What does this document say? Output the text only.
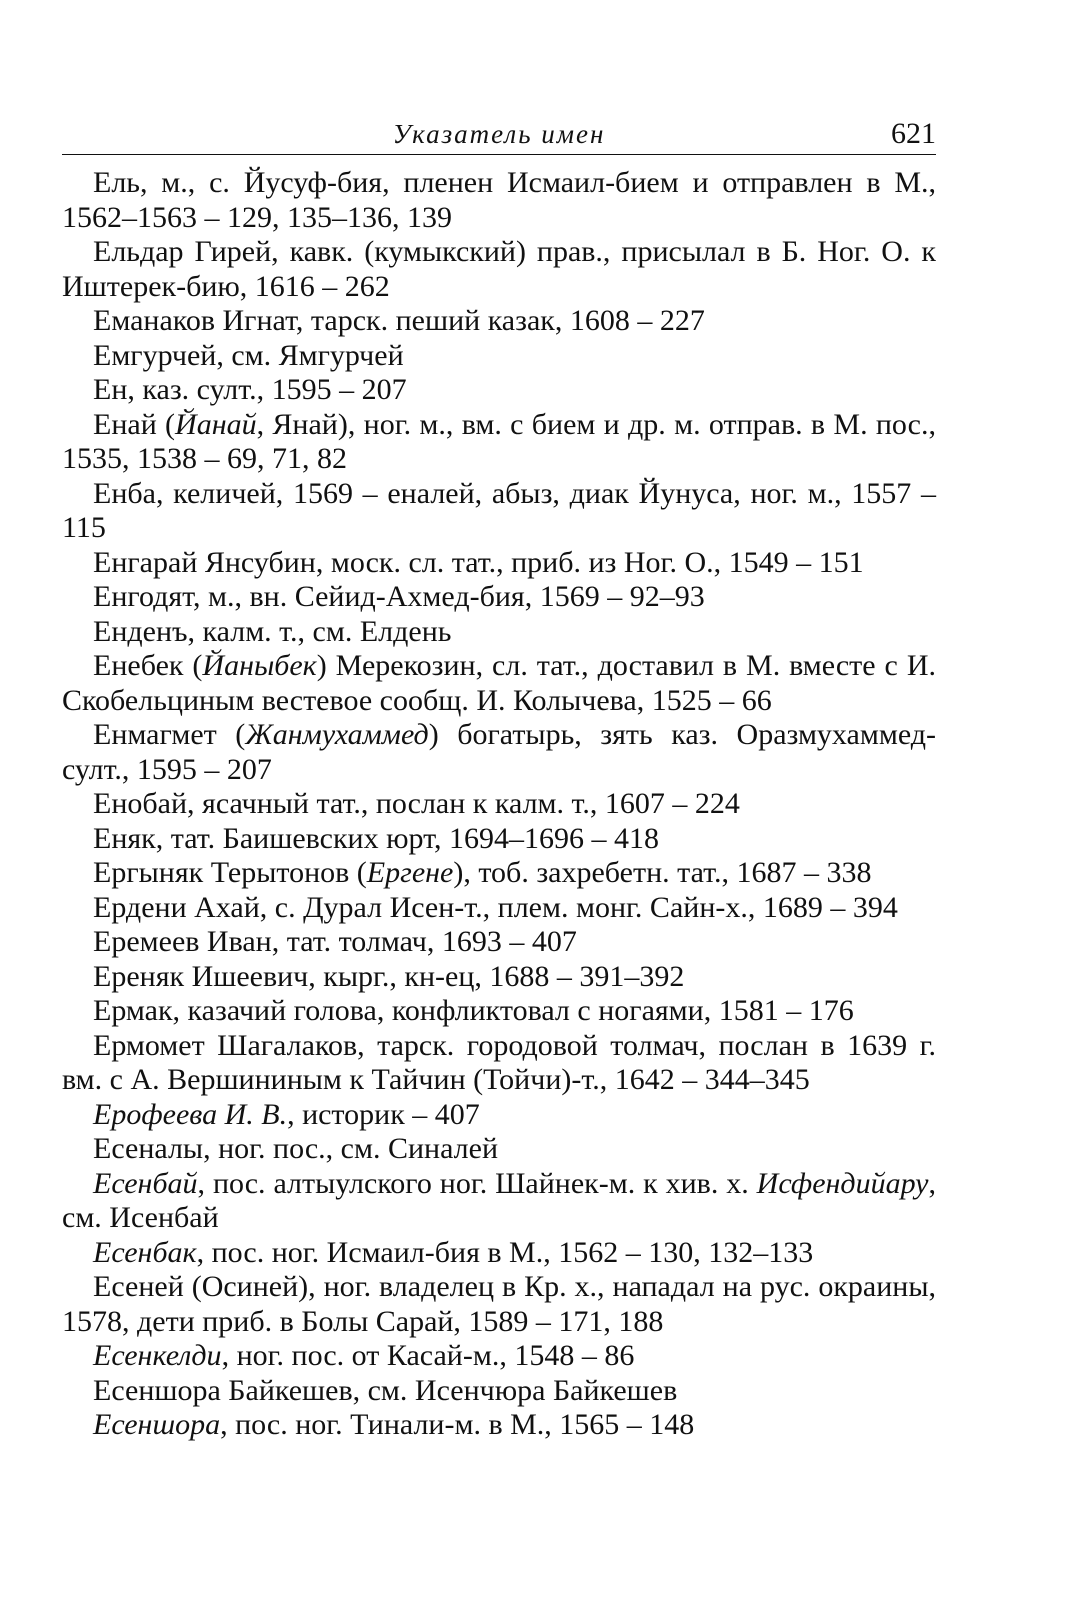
Указатель имен	621

Ель, м., с. Йусуф-бия, пленен Исмаил-бием и отправлен в М., 1562–1563 – 129, 135–136, 139

Ельдар Гирей, кавк. (кумыкский) прав., присылал в Б. Ног. О. к Иштерек-бию, 1616 – 262

Еманаков Игнат, тарск. пеший казак, 1608 – 227

Емгурчей, см. Ямгурчей

Ен, каз. султ., 1595 – 207

Енай (Йанай, Янай), ног. м., вм. с бием и др. м. отправ. в М. пос., 1535, 1538 – 69, 71, 82

Енба, келичей, 1569 – еналей, абыз, диак Йунуса, ног. м., 1557 – 115

Енгарай Янсубин, моск. сл. тат., приб. из Ног. О., 1549 – 151

Енгодят, м., вн. Сейид-Ахмед-бия, 1569 – 92–93

Енденъ, калм. т., см. Елдень

Енебек (Йаныбек) Мерекозин, сл. тат., доставил в М. вместе с И. Скобельциным вестевое сообщ. И. Колычева, 1525 – 66

Енмагмет (Жанмухаммед) богатырь, зять каз. Оразмухаммед-султ., 1595 – 207

Енобай, ясачный тат., послан к калм. т., 1607 – 224

Еняк, тат. Баишевских юрт, 1694–1696 – 418

Ергыняк Терытонов (Ергене), тоб. захребетн. тат., 1687 – 338

Ердени Ахай, с. Дурал Исен-т., плем. монг. Сайн-х., 1689 – 394

Еремеев Иван, тат. толмач, 1693 – 407

Ереняк Ишеевич, кырг., кн-ец, 1688 – 391–392

Ермак, казачий голова, конфликтовал с ногаями, 1581 – 176

Ермомет Шагалаков, тарск. городовой толмач, послан в 1639 г. вм. с А. Вершининым к Тайчин (Тойчи)-т., 1642 – 344–345

Ерофеева И. В., историк – 407

Есеналы, ног. пос., см. Синалей

Есенбай, пос. алтыулского ног. Шайнек-м. к хив. х. Исфендийару, см. Исенбай

Есенбак, пос. ног. Исмаил-бия в М., 1562 – 130, 132–133

Есеней (Осиней), ног. владелец в Кр. х., нападал на рус. окраины, 1578, дети приб. в Болы Сарай, 1589 – 171, 188

Есенкелди, ног. пос. от Касай-м., 1548 – 86

Есеншора Байкешев, см. Исенчюра Байкешев

Есеншора, пос. ног. Тинали-м. в М., 1565 – 148
